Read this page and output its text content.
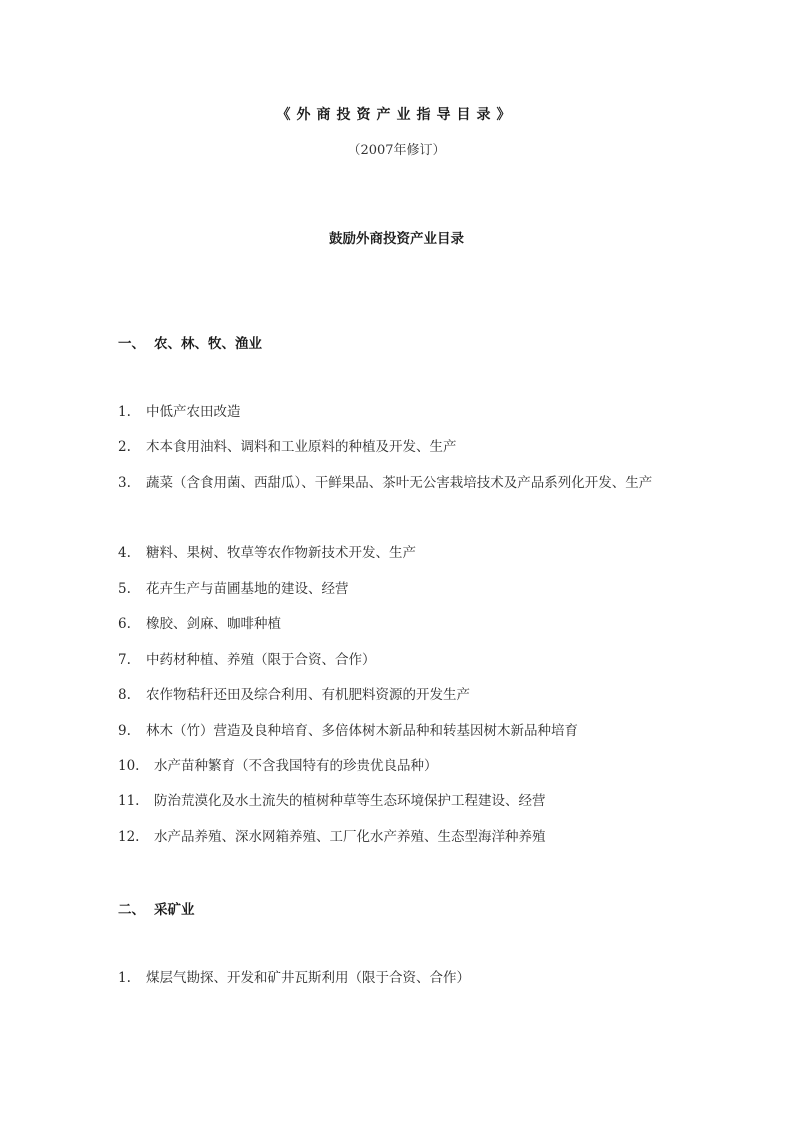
《外商投资产业指导目录》
（2007年修订）
鼓励外商投资产业目录
一、 农、林、牧、渔业
1. 中低产农田改造
2. 木本食用油料、调料和工业原料的种植及开发、生产
3. 蔬菜（含食用菌、西甜瓜）、干鲜果品、茶叶无公害栽培技术及产品系列化开发、生产
4. 糖料、果树、牧草等农作物新技术开发、生产
5. 花卉生产与苗圃基地的建设、经营
6. 橡胶、剑麻、咖啡种植
7. 中药材种植、养殖（限于合资、合作）
8. 农作物秸秆还田及综合利用、有机肥料资源的开发生产
9. 林木（竹）营造及良种培育、多倍体树木新品种和转基因树木新品种培育
10. 水产苗种繁育（不含我国特有的珍贵优良品种）
11. 防治荒漠化及水土流失的植树种草等生态环境保护工程建设、经营
12. 水产品养殖、深水网箱养殖、工厂化水产养殖、生态型海洋种养殖
二、 采矿业
1. 煤层气勘探、开发和矿井瓦斯利用（限于合资、合作）
